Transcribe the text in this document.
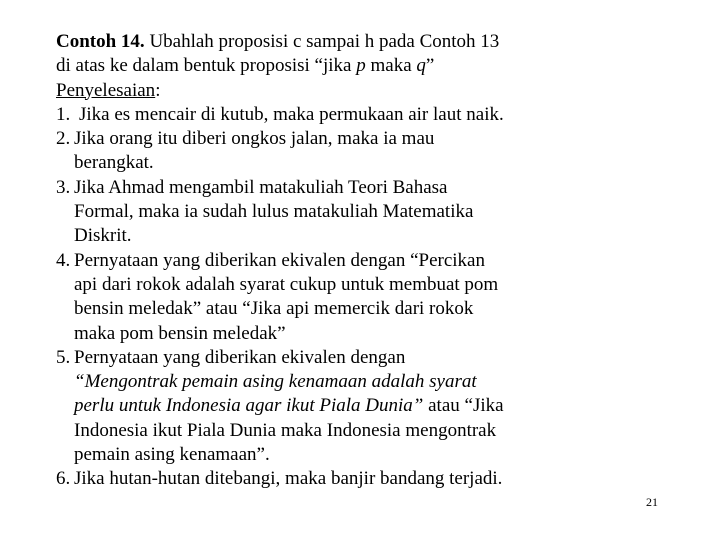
Contoh 14. Ubahlah proposisi c sampai h pada Contoh 13
di atas ke dalam bentuk proposisi “jika p maka q”
Penyelesaian:
1. Jika es mencair di kutub, maka permukaan air laut naik.
2. Jika orang itu diberi ongkos jalan, maka ia mau
berangkat.
3. Jika Ahmad mengambil matakuliah Teori Bahasa
Formal, maka ia sudah lulus matakuliah Matematika
Diskrit.
4. Pernyataan yang diberikan ekivalen dengan “Percikan
api dari rokok adalah syarat cukup untuk membuat pom
bensin meledak” atau “Jika api memercik dari rokok
maka pom bensin meledak”
5. Pernyataan yang diberikan ekivalen dengan
“Mengontrak pemain asing kenamaan adalah syarat
perlu untuk Indonesia agar ikut Piala Dunia” atau “Jika
Indonesia ikut Piala Dunia maka Indonesia mengontrak
pemain asing kenamaan”.
6. Jika hutan-hutan ditebangi, maka banjir bandang terjadi.
21
